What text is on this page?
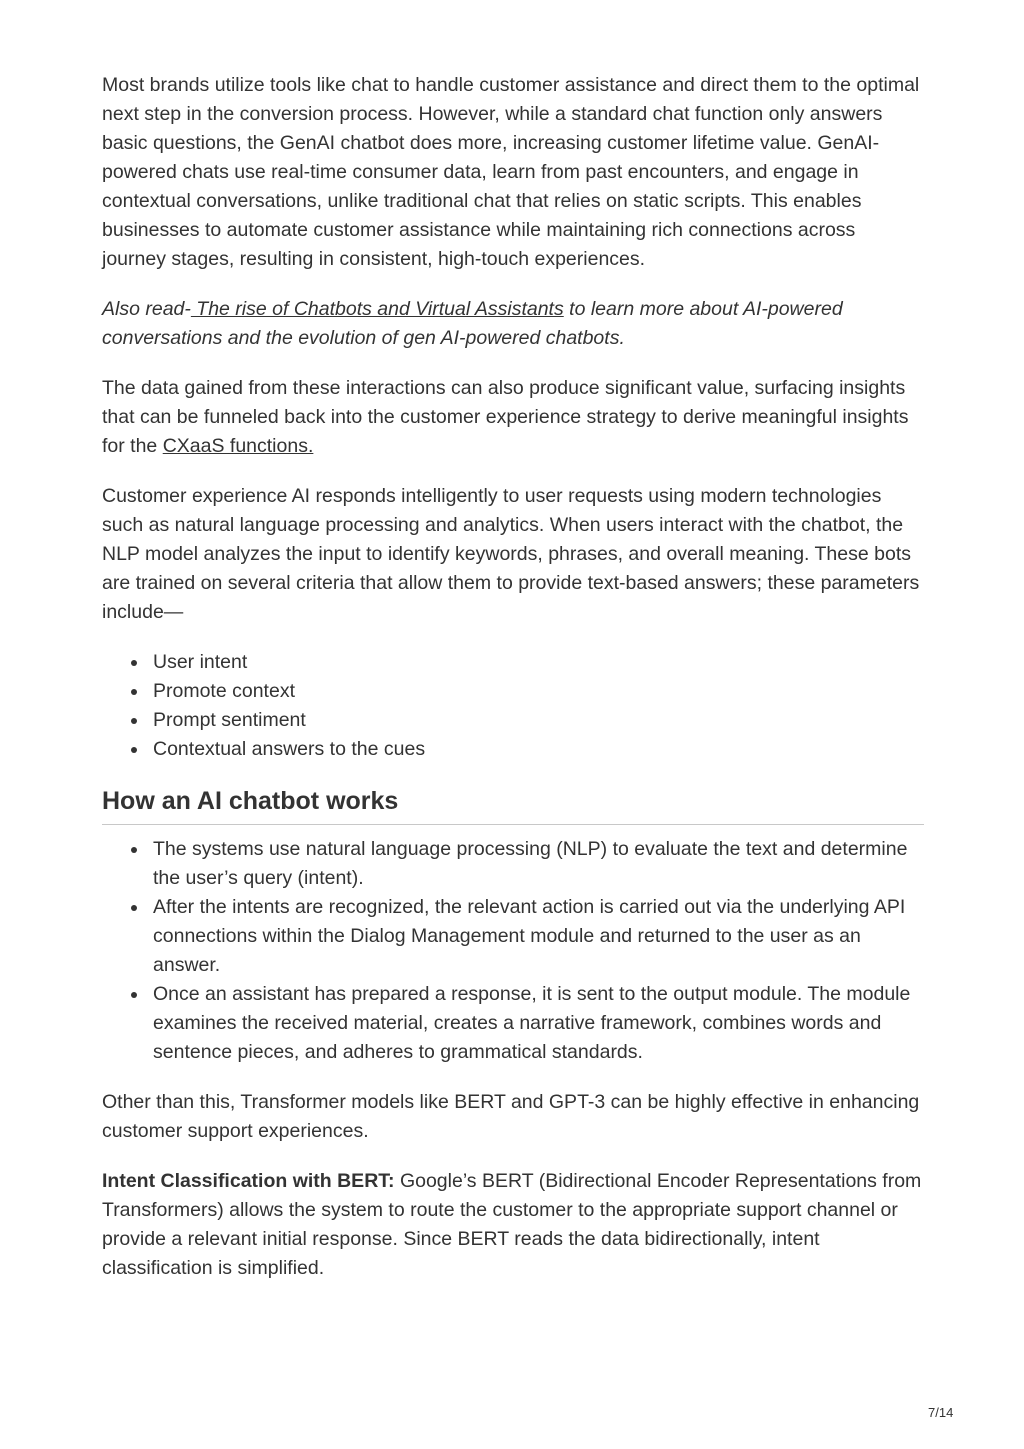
Most brands utilize tools like chat to handle customer assistance and direct them to the optimal next step in the conversion process. However, while a standard chat function only answers basic questions, the GenAI chatbot does more, increasing customer lifetime value. GenAI-powered chats use real-time consumer data, learn from past encounters, and engage in contextual conversations, unlike traditional chat that relies on static scripts. This enables businesses to automate customer assistance while maintaining rich connections across journey stages, resulting in consistent, high-touch experiences.

Also read- The rise of Chatbots and Virtual Assistants to learn more about AI-powered conversations and the evolution of gen AI-powered chatbots.

The data gained from these interactions can also produce significant value, surfacing insights that can be funneled back into the customer experience strategy to derive meaningful insights for the CXaaS functions.

Customer experience AI responds intelligently to user requests using modern technologies such as natural language processing and analytics. When users interact with the chatbot, the NLP model analyzes the input to identify keywords, phrases, and overall meaning. These bots are trained on several criteria that allow them to provide text-based answers; these parameters include—

User intent
Promote context
Prompt sentiment
Contextual answers to the cues
How an AI chatbot works
The systems use natural language processing (NLP) to evaluate the text and determine the user’s query (intent).
After the intents are recognized, the relevant action is carried out via the underlying API connections within the Dialog Management module and returned to the user as an answer.
Once an assistant has prepared a response, it is sent to the output module. The module examines the received material, creates a narrative framework, combines words and sentence pieces, and adheres to grammatical standards.

Other than this, Transformer models like BERT and GPT-3 can be highly effective in enhancing customer support experiences.

Intent Classification with BERT: Google’s BERT (Bidirectional Encoder Representations from Transformers) allows the system to route the customer to the appropriate support channel or provide a relevant initial response. Since BERT reads the data bidirectionally, intent classification is simplified.

7/14
